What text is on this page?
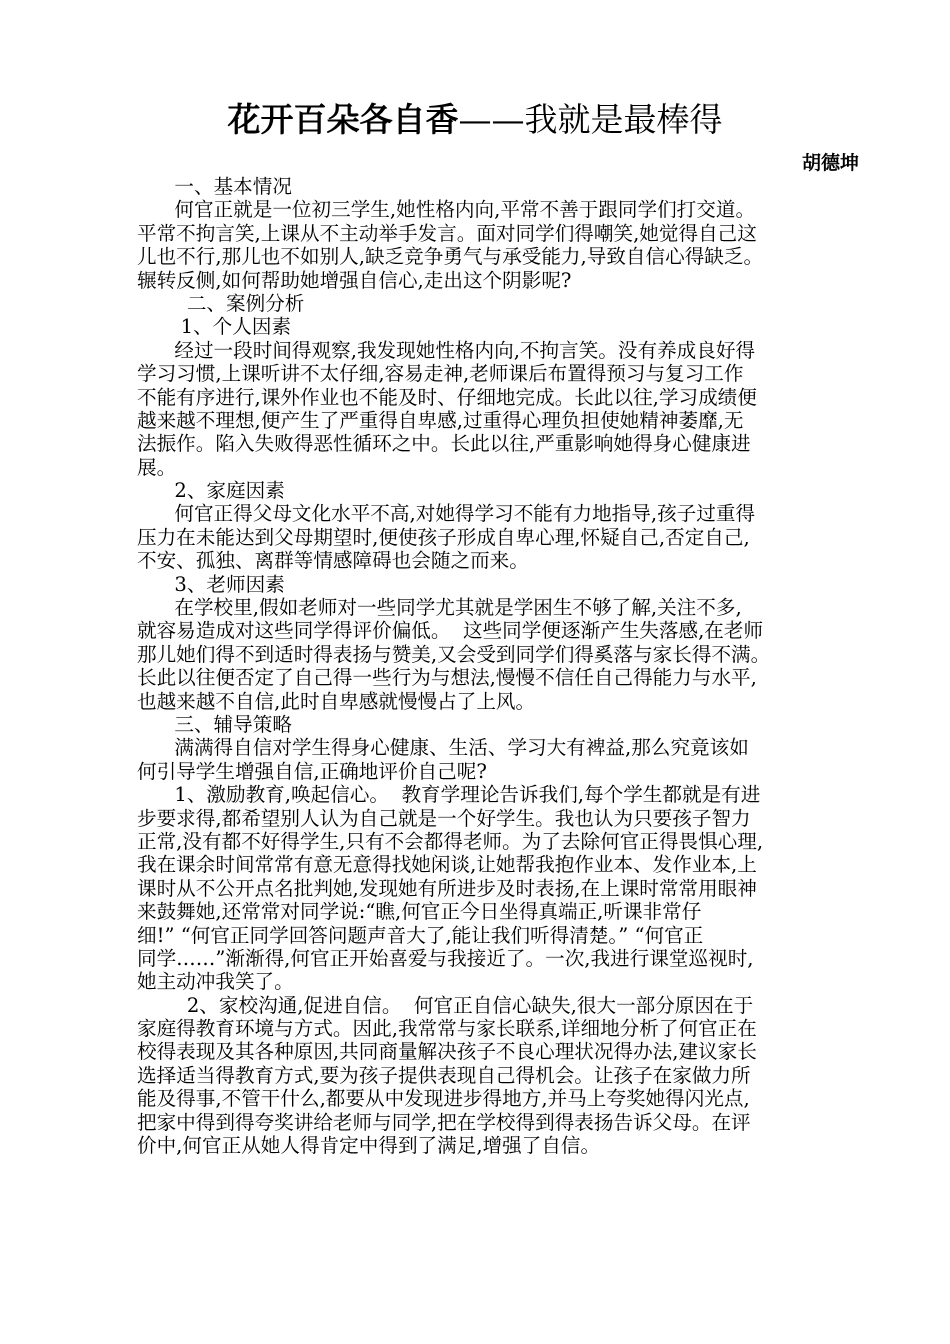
花开百朵各自香——我就是最棒得
胡德坤
一、基本情况
何官正就是一位初三学生,她性格内向,平常不善于跟同学们打交道。
平常不拘言笑,上课从不主动举手发言。面对同学们得嘲笑,她觉得自己这
儿也不行,那儿也不如别人,缺乏竞争勇气与承受能力,导致自信心得缺乏。
辗转反侧,如何帮助她增强自信心,走出这个阴影呢?
二、案例分析
1、个人因素
经过一段时间得观察,我发现她性格内向,不拘言笑。没有养成良好得
学习习惯,上课听讲不太仔细,容易走神,老师课后布置得预习与复习工作
不能有序进行,课外作业也不能及时、仔细地完成。长此以往,学习成绩便
越来越不理想,便产生了严重得自卑感,过重得心理负担使她精神萎靡,无
法振作。陷入失败得恶性循环之中。长此以往,严重影响她得身心健康进
展。
2、家庭因素
何官正得父母文化水平不高,对她得学习不能有力地指导,孩子过重得
压力在未能达到父母期望时,便使孩子形成自卑心理,怀疑自己,否定自己,
不安、孤独、离群等情感障碍也会随之而来。
3、老师因素
在学校里,假如老师对一些同学尤其就是学困生不够了解,关注不多,
就容易造成对这些同学得评价偏低。  这些同学便逐渐产生失落感,在老师
那儿她们得不到适时得表扬与赞美,又会受到同学们得奚落与家长得不满。
长此以往便否定了自己得一些行为与想法,慢慢不信任自己得能力与水平,
也越来越不自信,此时自卑感就慢慢占了上风。
三、辅导策略
满满得自信对学生得身心健康、生活、学习大有裨益,那么究竟该如
何引导学生增强自信,正确地评价自己呢?
1、激励教育,唤起信心。  教育学理论告诉我们,每个学生都就是有进
步要求得,都希望别人认为自己就是一个好学生。我也认为只要孩子智力
正常,没有都不好得学生,只有不会都得老师。为了去除何官正得畏惧心理,
我在课余时间常常有意无意得找她闲谈,让她帮我抱作业本、发作业本,上
课时从不公开点名批判她,发现她有所进步及时表扬,在上课时常常用眼神
来鼓舞她,还常常对同学说:“瞧,何官正今日坐得真端正,听课非常仔
细!” “何官正同学回答问题声音大了,能让我们听得清楚。” “何官正
同学……”渐渐得,何官正开始喜爱与我接近了。一次,我进行课堂巡视时,
她主动冲我笑了。
2、家校沟通,促进自信。  何官正自信心缺失,很大一部分原因在于
家庭得教育环境与方式。因此,我常常与家长联系,详细地分析了何官正在
校得表现及其各种原因,共同商量解决孩子不良心理状况得办法,建议家长
选择适当得教育方式,要为孩子提供表现自己得机会。让孩子在家做力所
能及得事,不管干什么,都要从中发现进步得地方,并马上夸奖她得闪光点,
把家中得到得夸奖讲给老师与同学,把在学校得到得表扬告诉父母。在评
价中,何官正从她人得肯定中得到了满足,增强了自信。
